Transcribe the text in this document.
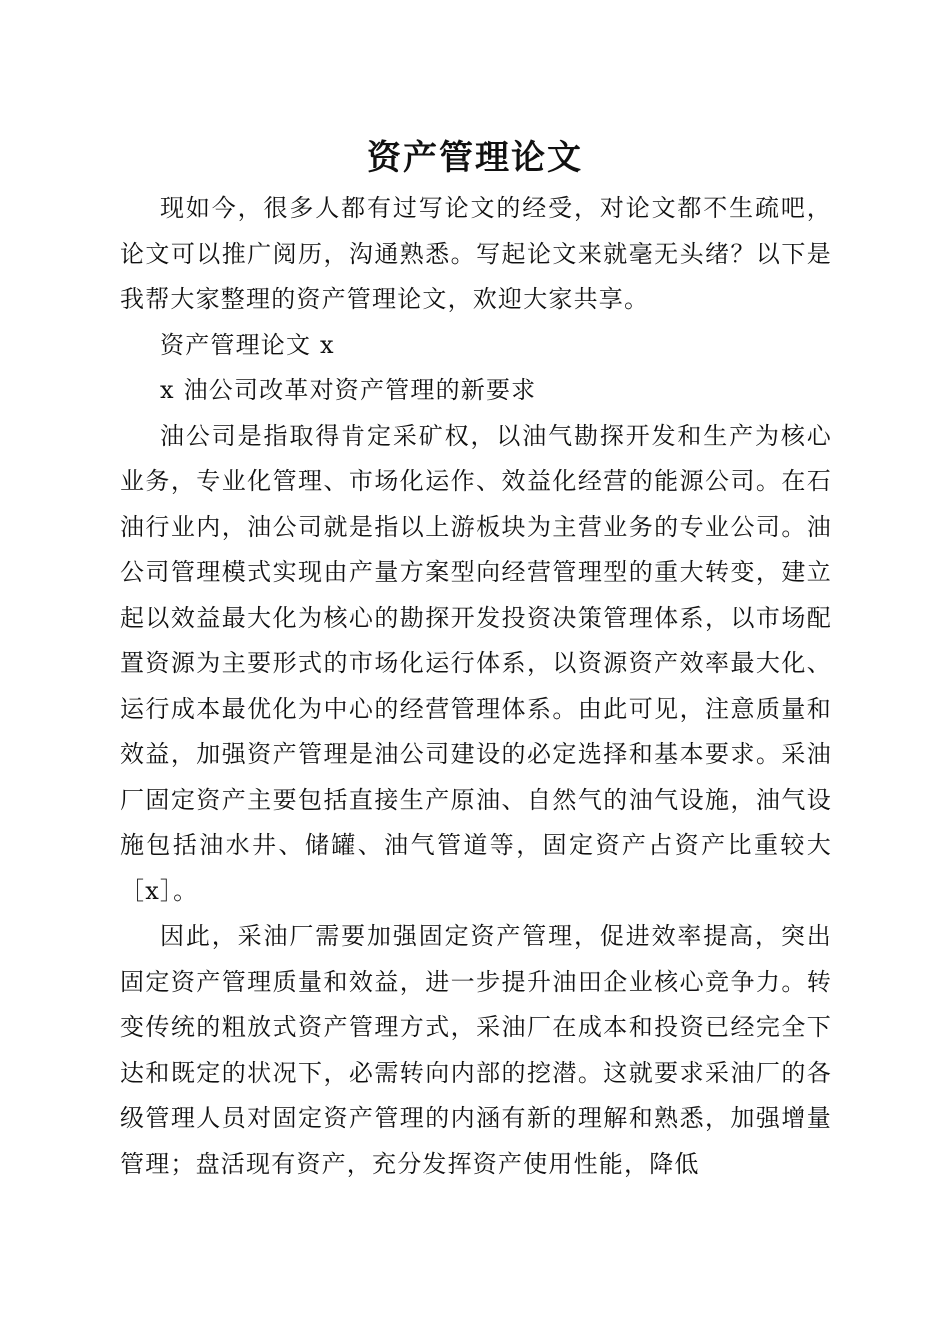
资产管理论文

现如今，很多人都有过写论文的经受，对论文都不生疏吧，论文可以推广阅历，沟通熟悉。写起论文来就毫无头绪？以下是我帮大家整理的资产管理论文，欢迎大家共享。

资产管理论文 x

x 油公司改革对资产管理的新要求

油公司是指取得肯定采矿权，以油气勘探开发和生产为核心业务，专业化管理、市场化运作、效益化经营的能源公司。在石油行业内，油公司就是指以上游板块为主营业务的专业公司。油公司管理模式实现由产量方案型向经营管理型的重大转变，建立起以效益最大化为核心的勘探开发投资决策管理体系，以市场配置资源为主要形式的市场化运行体系，以资源资产效率最大化、运行成本最优化为中心的经营管理体系。由此可见，注意质量和效益，加强资产管理是油公司建设的必定选择和基本要求。采油厂固定资产主要包括直接生产原油、自然气的油气设施，油气设施包括油水井、储罐、油气管道等，固定资产占资产比重较大［x］。

因此，采油厂需要加强固定资产管理，促进效率提高，突出固定资产管理质量和效益，进一步提升油田企业核心竞争力。转变传统的粗放式资产管理方式，采油厂在成本和投资已经完全下达和既定的状况下，必需转向内部的挖潜。这就要求采油厂的各级管理人员对固定资产管理的内涵有新的理解和熟悉，加强增量管理；盘活现有资产，充分发挥资产使用性能，降低
